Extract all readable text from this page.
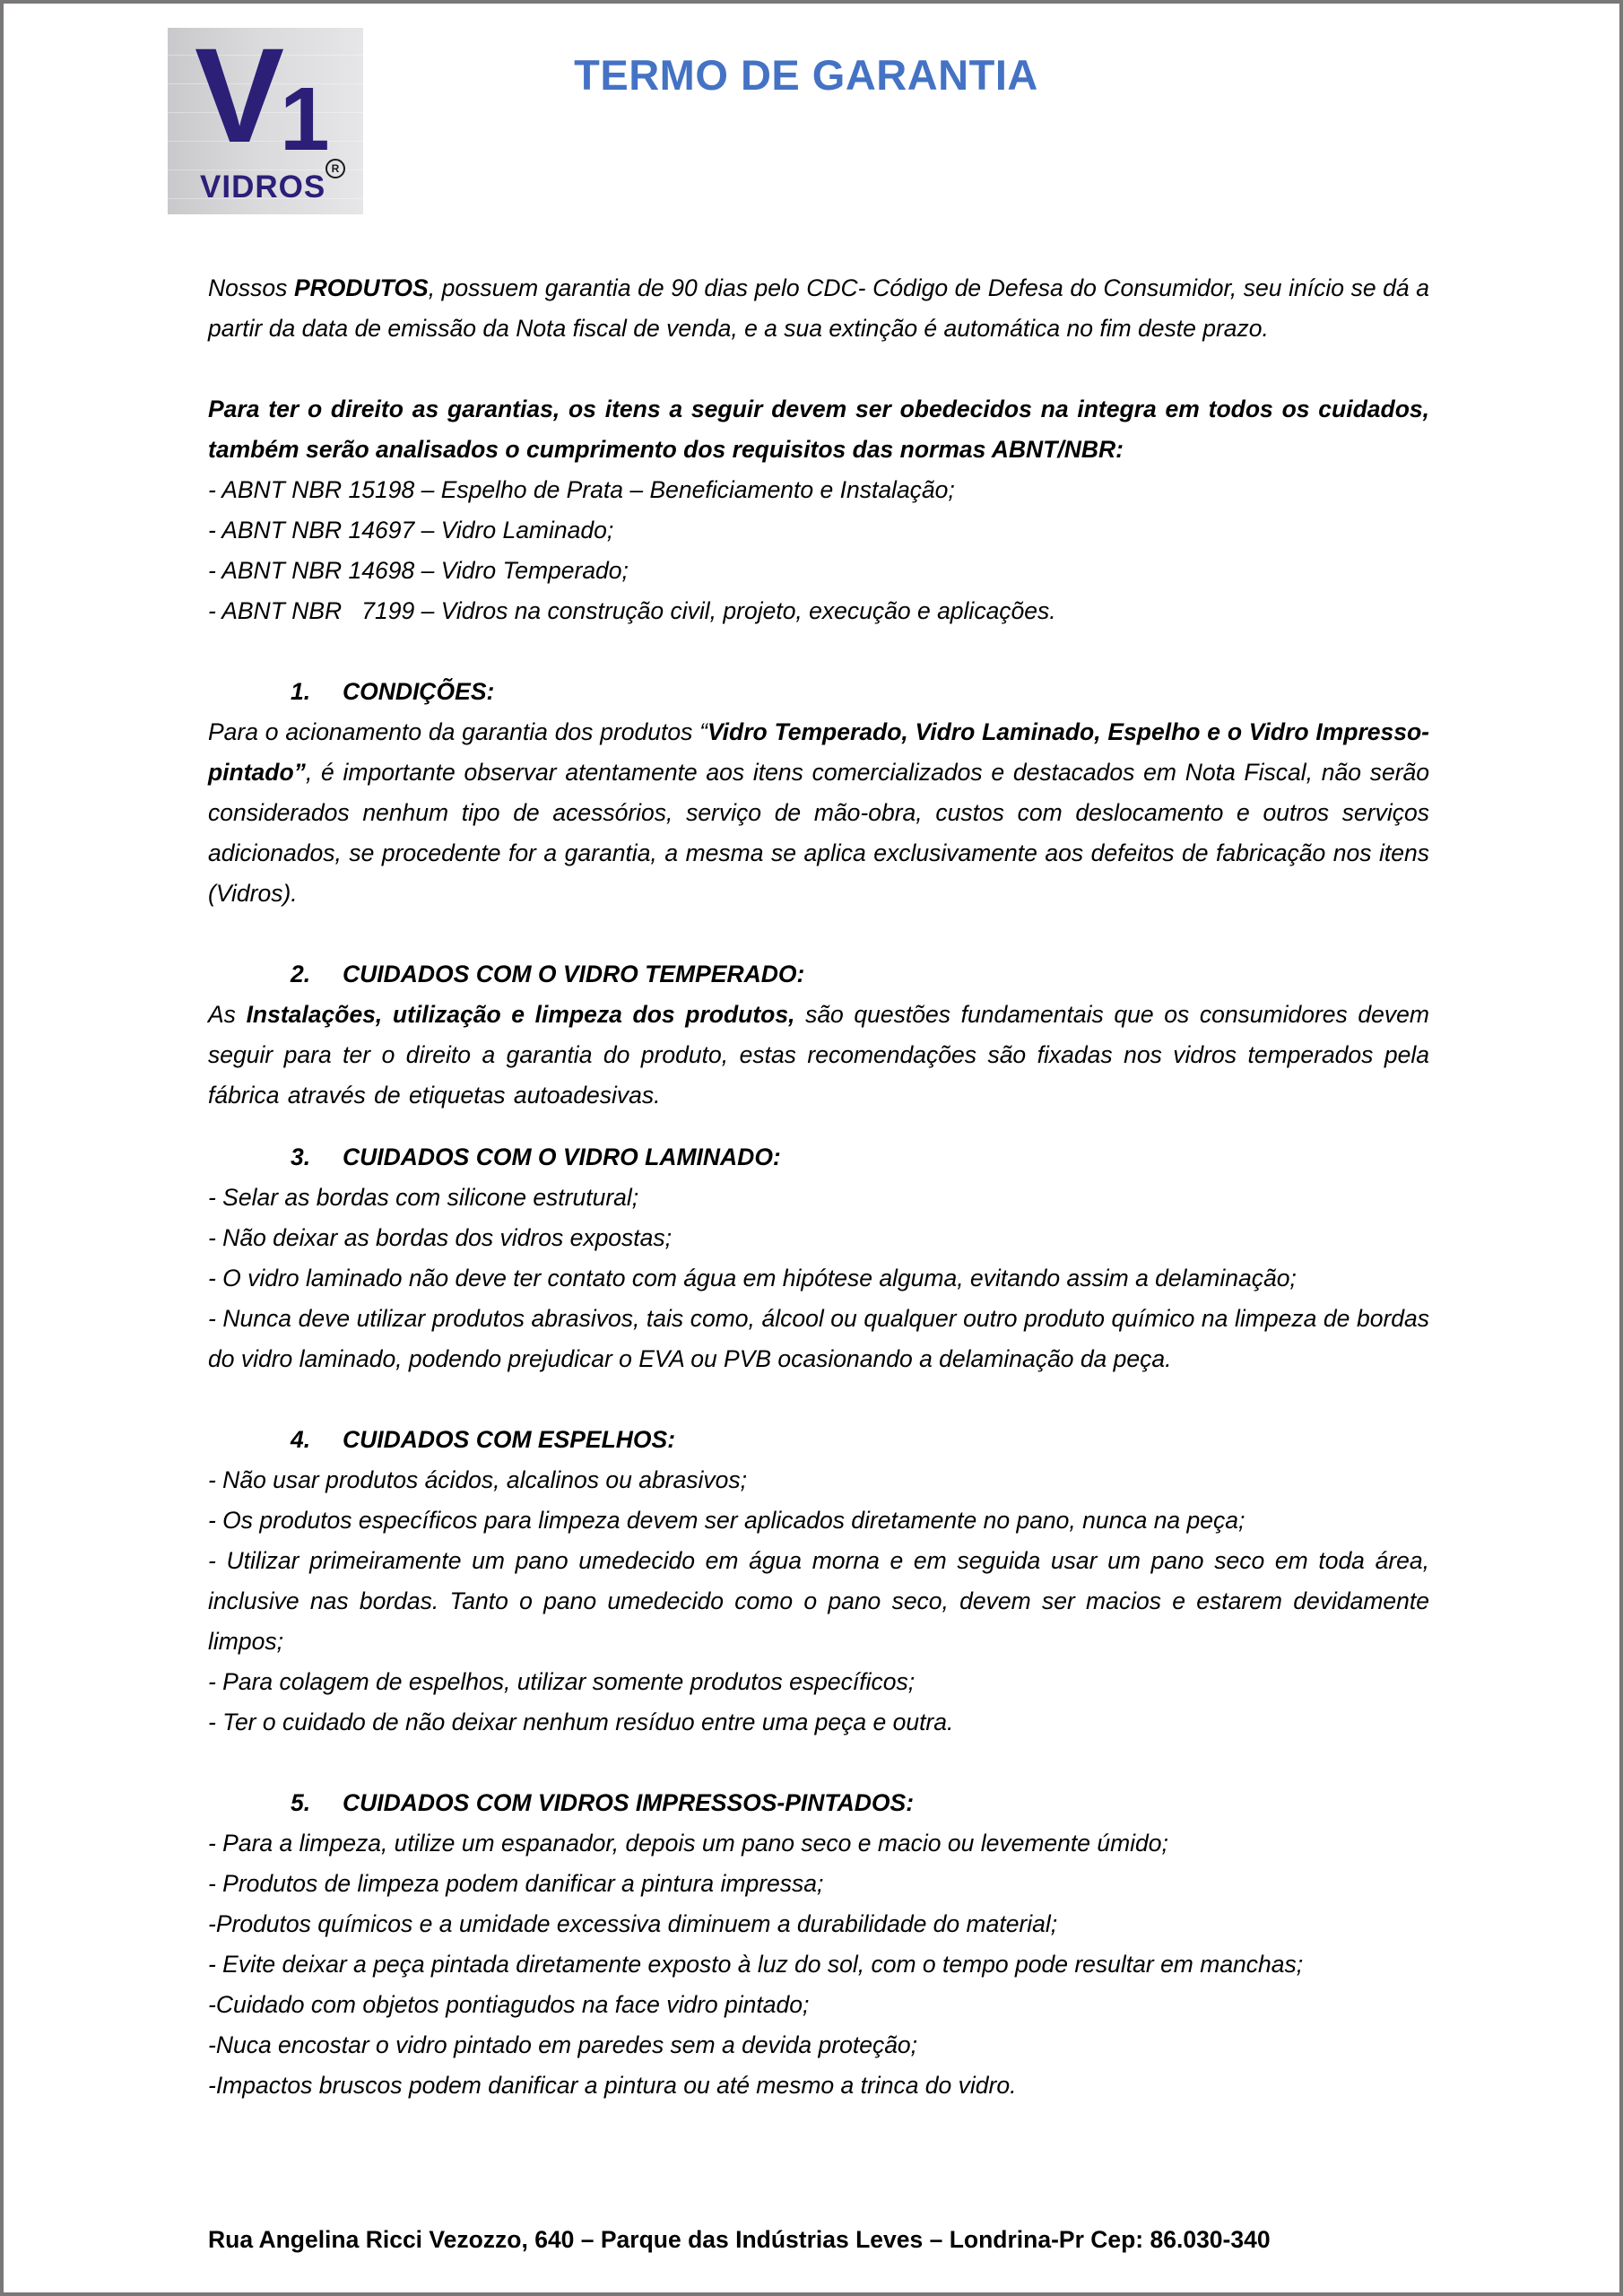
V
1
VIDROS
R
TERMO DE GARANTIA

Nossos PRODUTOS, possuem garantia de 90 dias pelo CDC- Código de Defesa do Consumidor, seu início se dá a partir da data de emissão da Nota fiscal de venda, e a sua extinção é automática no fim deste prazo.

Para ter o direito as garantias, os itens a seguir devem ser obedecidos na integra em todos os cuidados, também serão analisados o cumprimento dos requisitos das normas ABNT/NBR:

- ABNT NBR 15198 – Espelho de Prata – Beneficiamento e Instalação;

- ABNT NBR 14697 – Vidro Laminado;

- ABNT NBR 14698 – Vidro Temperado;

- ABNT NBR   7199 – Vidros na construção civil, projeto, execução e aplicações.

1. CONDIÇÕES:

Para o acionamento da garantia dos produtos “Vidro Temperado, Vidro Laminado, Espelho e o Vidro Impresso-pintado”, é importante observar atentamente aos itens comercializados e destacados em Nota Fiscal, não serão considerados nenhum tipo de acessórios, serviço de mão-obra, custos com deslocamento e outros serviços adicionados, se procedente for a garantia, a mesma se aplica exclusivamente aos defeitos de fabricação nos itens (Vidros).

2. CUIDADOS COM O VIDRO TEMPERADO:

As Instalações, utilização e limpeza dos produtos, são questões fundamentais que os consumidores devem seguir para ter o direito a garantia do produto, estas recomendações são fixadas nos vidros temperados pela fábrica através de etiquetas autoadesivas.

3. CUIDADOS COM O VIDRO LAMINADO:

- Selar as bordas com silicone estrutural;

- Não deixar as bordas dos vidros expostas;

- O vidro laminado não deve ter contato com água em hipótese alguma, evitando assim a delaminação;

- Nunca deve utilizar produtos abrasivos, tais como, álcool ou qualquer outro produto químico na limpeza de bordas do vidro laminado, podendo prejudicar o EVA ou PVB ocasionando a delaminação da peça.

4. CUIDADOS COM ESPELHOS:

- Não usar produtos ácidos, alcalinos ou abrasivos;

- Os produtos específicos para limpeza devem ser aplicados diretamente no pano, nunca na peça;

- Utilizar primeiramente um pano umedecido em água morna e em seguida usar um pano seco em toda área, inclusive nas bordas. Tanto o pano umedecido como o pano seco, devem ser macios e estarem devidamente limpos;

- Para colagem de espelhos, utilizar somente produtos específicos;

- Ter o cuidado de não deixar nenhum resíduo entre uma peça e outra.

5. CUIDADOS COM VIDROS IMPRESSOS-PINTADOS:

- Para a limpeza, utilize um espanador, depois um pano seco e macio ou levemente úmido;

- Produtos de limpeza podem danificar a pintura impressa;

-Produtos químicos e a umidade excessiva diminuem a durabilidade do material;

- Evite deixar a peça pintada diretamente exposto à luz do sol, com o tempo pode resultar em manchas;

-Cuidado com objetos pontiagudos na face vidro pintado;

-Nuca encostar o vidro pintado em paredes sem a devida proteção;

-Impactos bruscos podem danificar a pintura ou até mesmo a trinca do vidro.

Rua Angelina Ricci Vezozzo, 640 – Parque das Indústrias Leves – Londrina-Pr Cep: 86.030-340
